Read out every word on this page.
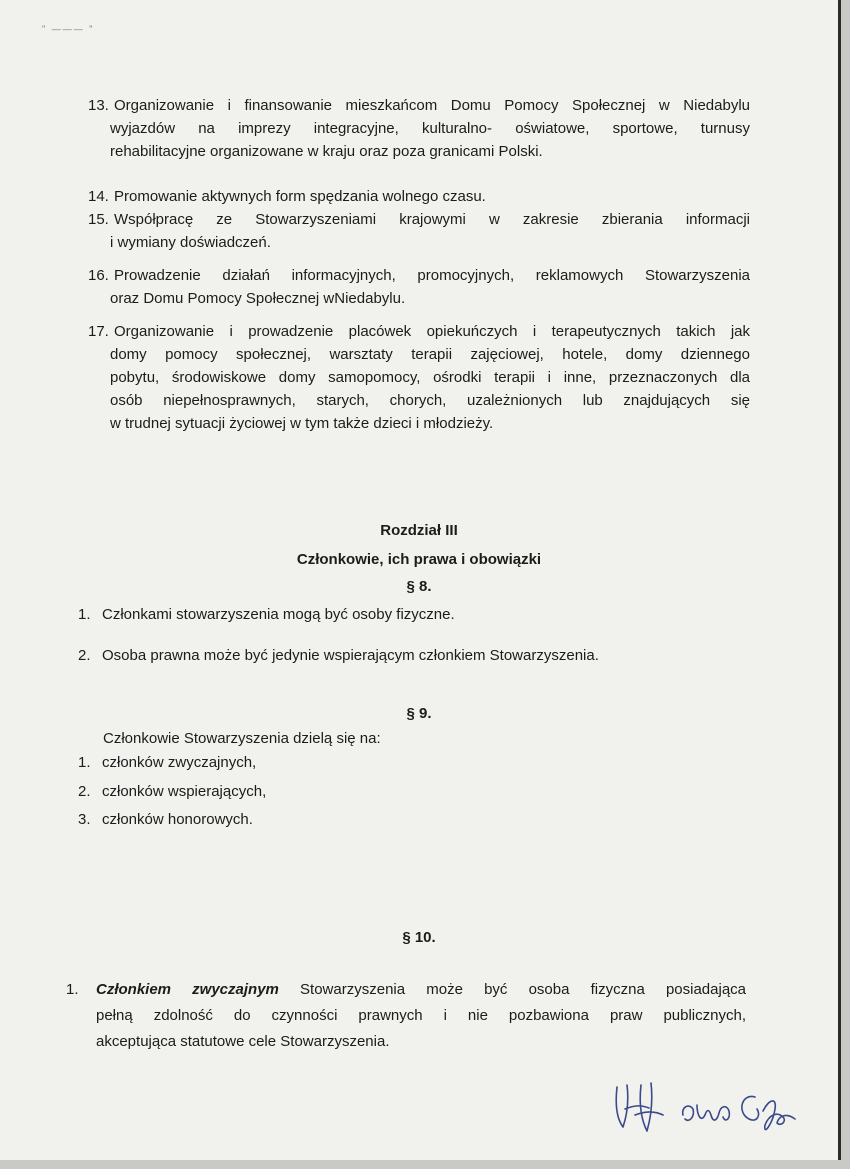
" ——— "
13. Organizowanie i finansowanie mieszkańcom Domu Pomocy Społecznej w Niedabylu
wyjazdów na imprezy integracyjne, kulturalno- oświatowe, sportowe, turnusy
rehabilitacyjne organizowane w kraju oraz poza granicami Polski.
14. Promowanie aktywnych form spędzania wolnego czasu.
15. Współpracę ze Stowarzyszeniami krajowymi w zakresie zbierania informacji
i wymiany doświadczeń.
16. Prowadzenie działań informacyjnych, promocyjnych, reklamowych Stowarzyszenia
oraz Domu Pomocy Społecznej wNiedabylu.
17. Organizowanie i prowadzenie placówek opiekuńczych i terapeutycznych takich jak
domy pomocy społecznej, warsztaty terapii zajęciowej, hotele, domy dziennego
pobytu, środowiskowe domy samopomocy, ośrodki terapii i inne, przeznaczonych dla
osób niepełnosprawnych, starych, chorych, uzależnionych lub znajdujących się
w trudnej sytuacji życiowej w tym także dzieci i młodzieży.
Rozdział III
Członkowie, ich prawa i obowiązki
§ 8.
1. Członkami stowarzyszenia mogą być osoby fizyczne.
2. Osoba prawna może być jedynie wspierającym członkiem Stowarzyszenia.
§ 9.
Członkowie Stowarzyszenia dzielą się na:
1. członków zwyczajnych,
2. członków wspierających,
3. członków honorowych.
§ 10.
1. Członkiem zwyczajnym Stowarzyszenia może być osoba fizyczna posiadająca
pełną zdolność do czynności prawnych i nie pozbawiona praw publicznych,
akceptująca statutowe cele Stowarzyszenia.
